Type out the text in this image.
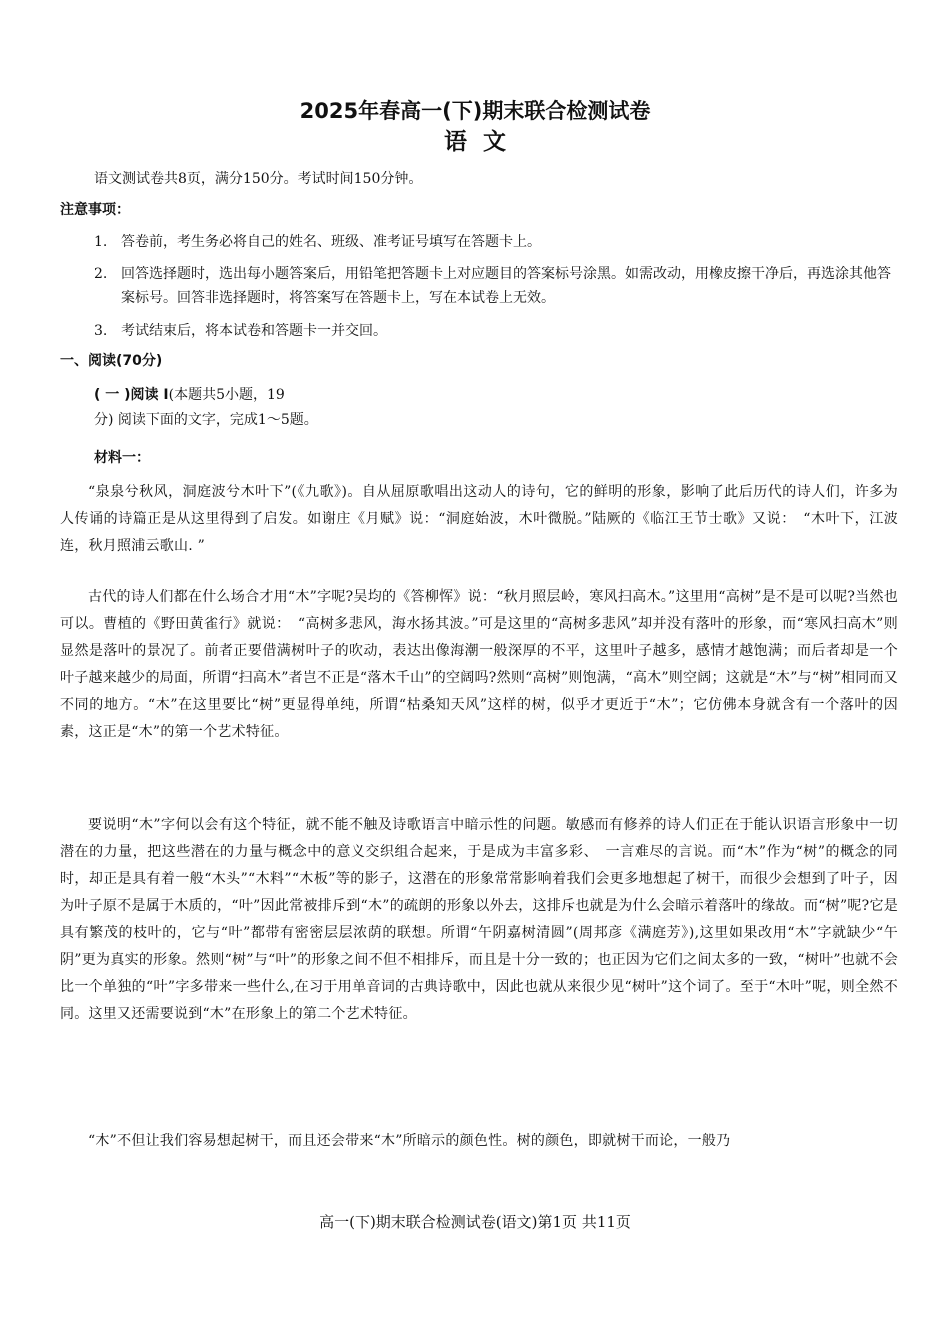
2025年春高一(下)期末联合检测试卷
语文
语文测试卷共8页，满分150分。考试时间150分钟。
注意事项：
1. 答卷前，考生务必将自己的姓名、班级、准考证号填写在答题卡上。
2. 回答选择题时，选出每小题答案后，用铅笔把答题卡上对应题目的答案标号涂黑。如需改动，用橡皮擦干净后，再选涂其他答案标号。回答非选择题时，将答案写在答题卡上，写在本试卷上无效。
3. 考试结束后，将本试卷和答题卡一并交回。
一、阅读(70分)
( 一 )阅读 I(本题共5小题，19
分) 阅读下面的文字，完成1～5题。
材料一：
“泉泉兮秋风，洞庭波兮木叶下”(《九歌》)。自从屈原歌唱出这动人的诗句，它的鲜明的形象，影响了此后历代的诗人们，许多为人传诵的诗篇正是从这里得到了启发。如谢庄《月赋》说：“洞庭始波，木叶微脱。”陆厥的《临江王节士歌》又说：　“木叶下，江波连，秋月照浦云歌山. ”
古代的诗人们都在什么场合才用“木”字呢?吴均的《答柳恽》说：“秋月照层岭，寒风扫高木。”这里用“高树”是不是可以呢?当然也可以。曹植的《野田黄雀行》就说：　“高树多悲风，海水扬其波。”可是这里的“高树多悲风”却并没有落叶的形象，而“寒风扫高木”则显然是落叶的景况了。前者正要借满树叶子的吹动，表达出像海潮一般深厚的不平，这里叶子越多，感情才越饱满；而后者却是一个叶子越来越少的局面，所谓“扫高木”者岂不正是“落木千山”的空阔吗?然则“高树”则饱满，“高木”则空阔；这就是“木”与“树”相同而又不同的地方。“木”在这里要比“树”更显得单纯，所谓“枯桑知天风”这样的树，似乎才更近于“木”；它仿佛本身就含有一个落叶的因素，这正是“木”的第一个艺术特征。
要说明“木”字何以会有这个特征，就不能不触及诗歌语言中暗示性的问题。敏感而有修养的诗人们正在于能认识语言形象中一切潜在的力量，把这些潜在的力量与概念中的意义交织组合起来，于是成为丰富多彩、　一言难尽的言说。而“木”作为“树”的概念的同时，却正是具有着一般“木头”“木料”“木板”等的影子，这潜在的形象常常影响着我们会更多地想起了树干，而很少会想到了叶子，因为叶子原不是属于木质的，“叶”因此常被排斥到“木”的疏朗的形象以外去，这排斥也就是为什么会暗示着落叶的缘故。而“树”呢?它是具有繁茂的枝叶的，它与“叶”都带有密密层层浓荫的联想。所谓“午阴嘉树清圆”(周邦彦《满庭芳》),这里如果改用“木”字就缺少“午阴”更为真实的形象。然则“树”与“叶”的形象之间不但不相排斥，而且是十分一致的；也正因为它们之间太多的一致，“树叶”也就不会比一个单独的“叶”字多带来一些什么,在习于用单音词的古典诗歌中，因此也就从来很少见“树叶”这个词了。至于“木叶”呢，则全然不同。这里又还需要说到“木”在形象上的第二个艺术特征。
“木”不但让我们容易想起树干，而且还会带来“木”所暗示的颜色性。树的颜色，即就树干而论，一般乃
高一(下)期末联合检测试卷(语文)第1页 共11页
